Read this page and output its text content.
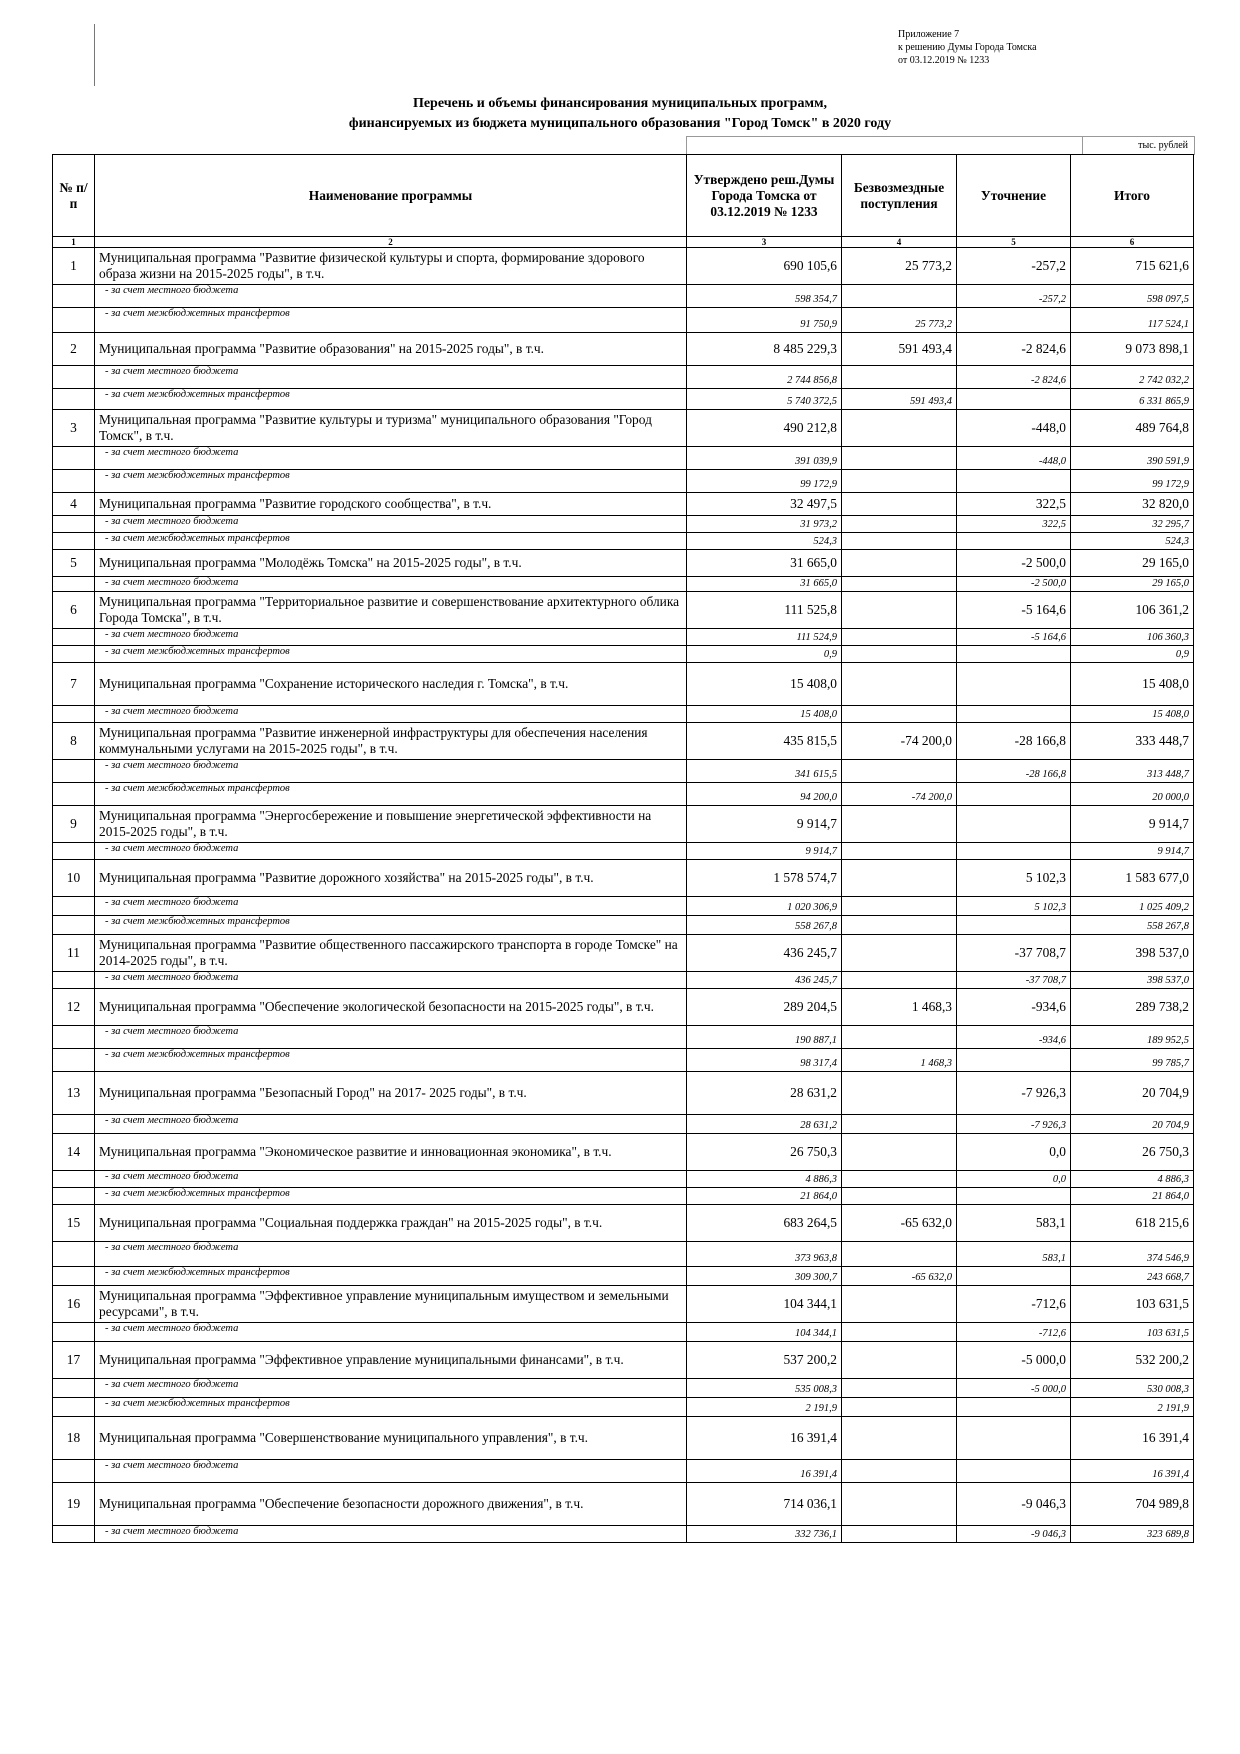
Приложение 7
к решению Думы Города Томска
от 03.12.2019 № 1233
Перечень и объемы финансирования муниципальных программ,
финансируемых из бюджета муниципального образования "Город Томск" в 2020 году
тыс. рублей
№ п/п	Наименование программы	Утверждено реш.Думы Города Томска от 03.12.2019 № 1233	Безвозмездные поступления	Уточнение	Итого
1	2	3	4	5	6
1	Муниципальная программа "Развитие физической культуры и спорта, формирование здорового образа жизни на 2015-2025 годы", в т.ч.	690 105,6	25 773,2	-257,2	715 621,6
	- за счет местного бюджета	598 354,7		-257,2	598 097,5
	- за счет межбюджетных трансфертов	91 750,9	25 773,2		117 524,1
2	Муниципальная программа "Развитие образования" на 2015-2025 годы", в т.ч.	8 485 229,3	591 493,4	-2 824,6	9 073 898,1
	- за счет местного бюджета	2 744 856,8		-2 824,6	2 742 032,2
	- за счет межбюджетных трансфертов	5 740 372,5	591 493,4		6 331 865,9
3	Муниципальная программа "Развитие культуры и туризма" муниципального образования "Город Томск", в т.ч.	490 212,8		-448,0	489 764,8
	- за счет местного бюджета	391 039,9		-448,0	390 591,9
	- за счет межбюджетных трансфертов	99 172,9			99 172,9
4	Муниципальная программа "Развитие городского сообщества", в т.ч.	32 497,5		322,5	32 820,0
	- за счет местного бюджета	31 973,2		322,5	32 295,7
	- за счет межбюджетных трансфертов	524,3			524,3
5	Муниципальная программа "Молодёжь Томска" на 2015-2025 годы", в т.ч.	31 665,0		-2 500,0	29 165,0
	- за счет местного бюджета	31 665,0		-2 500,0	29 165,0
6	Муниципальная программа "Территориальное развитие и совершенствование архитектурного облика Города Томска", в т.ч.	111 525,8		-5 164,6	106 361,2
	- за счет местного бюджета	111 524,9		-5 164,6	106 360,3
	- за счет межбюджетных трансфертов	0,9			0,9
7	Муниципальная программа "Сохранение исторического наследия г. Томска", в т.ч.	15 408,0			15 408,0
	- за счет местного бюджета	15 408,0			15 408,0
8	Муниципальная программа "Развитие инженерной инфраструктуры для обеспечения населения коммунальными услугами на 2015-2025 годы", в т.ч.	435 815,5	-74 200,0	-28 166,8	333 448,7
	- за счет местного бюджета	341 615,5		-28 166,8	313 448,7
	- за счет межбюджетных трансфертов	94 200,0	-74 200,0		20 000,0
9	Муниципальная программа "Энергосбережение и повышение энергетической эффективности на 2015-2025 годы", в т.ч.	9 914,7			9 914,7
	- за счет местного бюджета	9 914,7			9 914,7
10	Муниципальная программа "Развитие дорожного хозяйства" на 2015-2025 годы", в т.ч.	1 578 574,7		5 102,3	1 583 677,0
	- за счет местного бюджета	1 020 306,9		5 102,3	1 025 409,2
	- за счет межбюджетных трансфертов	558 267,8			558 267,8
11	Муниципальная программа "Развитие общественного пассажирского транспорта в городе Томске" на 2014-2025 годы", в т.ч.	436 245,7		-37 708,7	398 537,0
	- за счет местного бюджета	436 245,7		-37 708,7	398 537,0
12	Муниципальная программа "Обеспечение экологической безопасности на 2015-2025 годы", в т.ч.	289 204,5	1 468,3	-934,6	289 738,2
	- за счет местного бюджета	190 887,1		-934,6	189 952,5
	- за счет межбюджетных трансфертов	98 317,4	1 468,3		99 785,7
13	Муниципальная программа "Безопасный Город" на 2017- 2025 годы", в т.ч.	28 631,2		-7 926,3	20 704,9
	- за счет местного бюджета	28 631,2		-7 926,3	20 704,9
14	Муниципальная программа "Экономическое развитие и инновационная экономика", в т.ч.	26 750,3		0,0	26 750,3
	- за счет местного бюджета	4 886,3		0,0	4 886,3
	- за счет межбюджетных трансфертов	21 864,0			21 864,0
15	Муниципальная программа "Социальная поддержка граждан" на 2015-2025 годы", в т.ч.	683 264,5	-65 632,0	583,1	618 215,6
	- за счет местного бюджета	373 963,8		583,1	374 546,9
	- за счет межбюджетных трансфертов	309 300,7	-65 632,0		243 668,7
16	Муниципальная программа "Эффективное управление муниципальным имуществом и земельными ресурсами", в т.ч.	104 344,1		-712,6	103 631,5
	- за счет местного бюджета	104 344,1		-712,6	103 631,5
17	Муниципальная программа "Эффективное управление муниципальными финансами", в т.ч.	537 200,2		-5 000,0	532 200,2
	- за счет местного бюджета	535 008,3		-5 000,0	530 008,3
	- за счет межбюджетных трансфертов	2 191,9			2 191,9
18	Муниципальная программа "Совершенствование муниципального управления", в т.ч.	16 391,4			16 391,4
	- за счет местного бюджета	16 391,4			16 391,4
19	Муниципальная программа "Обеспечение безопасности дорожного движения", в т.ч.	714 036,1		-9 046,3	704 989,8
	- за счет местного бюджета	332 736,1		-9 046,3	323 689,8
